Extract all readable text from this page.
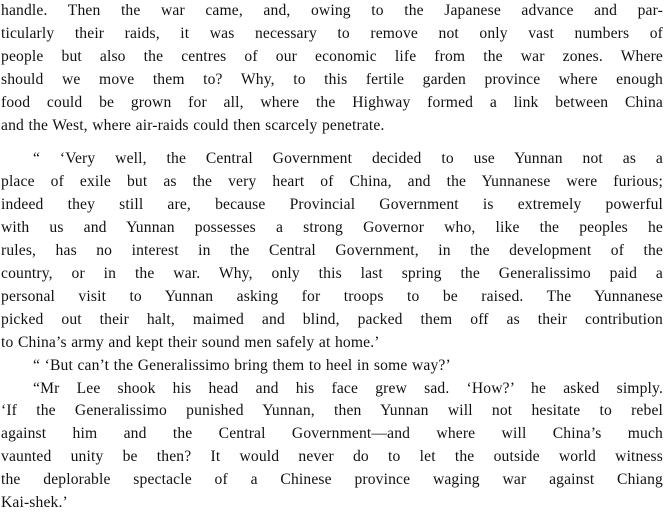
handle. Then the war came, and, owing to the Japanese advance and par-
ticularly their raids, it was necessary to remove not only vast numbers of
people but also the centres of our economic life from the war zones. Where
should we move them to? Why, to this fertile garden province where enough
food could be grown for all, where the Highway formed a link between China
and the West, where air-raids could then scarcely penetrate.
“ ‘Very well, the Central Government decided to use Yunnan not as a
place of exile but as the very heart of China, and the Yunnanese were furious;
indeed they still are, because Provincial Government is extremely powerful
with us and Yunnan possesses a strong Governor who, like the peoples he
rules, has no interest in the Central Government, in the development of the
country, or in the war. Why, only this last spring the Generalissimo paid a
personal visit to Yunnan asking for troops to be raised. The Yunnanese
picked out their halt, maimed and blind, packed them off as their contribution
to China’s army and kept their sound men safely at home.’
“ ‘But can’t the Generalissimo bring them to heel in some way?’
“Mr Lee shook his head and his face grew sad. ‘How?’ he asked simply.
‘If the Generalissimo punished Yunnan, then Yunnan will not hesitate to rebel
against him and the Central Government—and where will China’s much
vaunted unity be then? It would never do to let the outside world witness
the deplorable spectacle of a Chinese province waging war against Chiang
Kai-shek.’
